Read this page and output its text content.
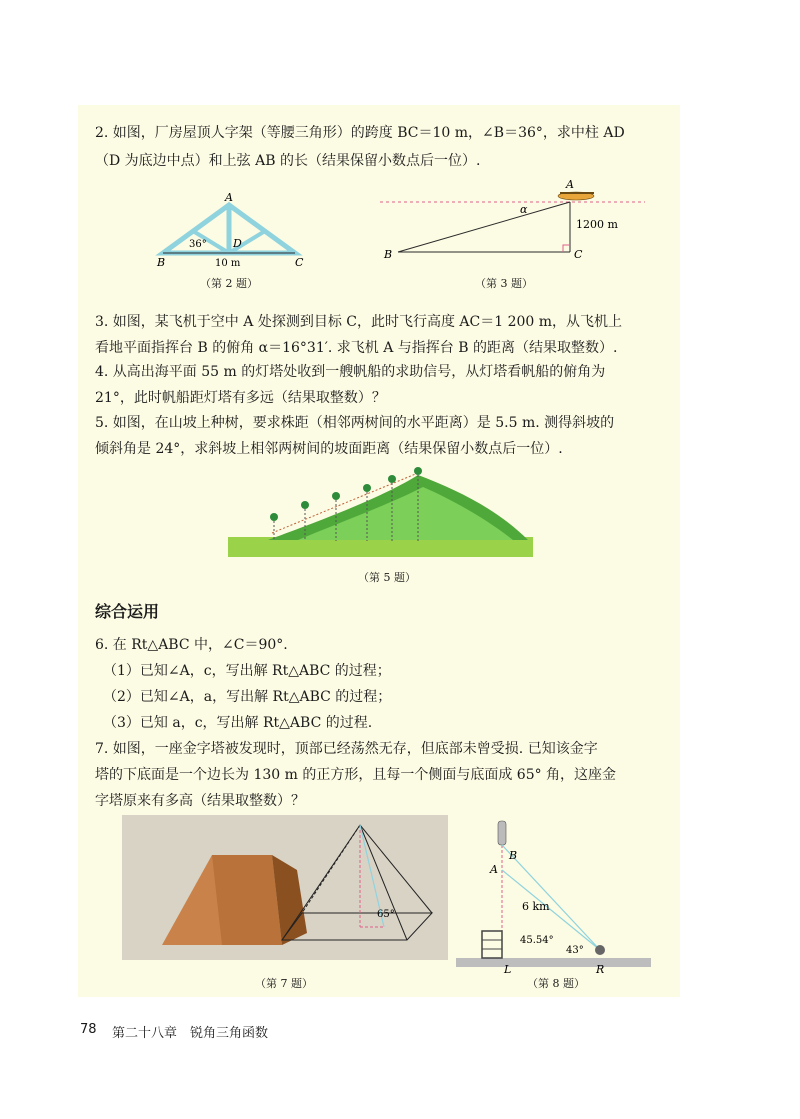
2. 如图，厂房屋顶人字架（等腰三角形）的跨度 BC＝10 m，∠B＝36°，求中柱 AD
（D 为底边中点）和上弦 AB 的长（结果保留小数点后一位）.
A
B	C
D
36°
10 m
（第 2 题）
A
B	C
α
1200 m
（第 3 题）
3. 如图，某飞机于空中 A 处探测到目标 C，此时飞行高度 AC＝1 200 m，从飞机上
看地平面指挥台 B 的俯角 α＝16°31′. 求飞机 A 与指挥台 B 的距离（结果取整数）.
4. 从高出海平面 55 m 的灯塔处收到一艘帆船的求助信号，从灯塔看帆船的俯角为
21°，此时帆船距灯塔有多远（结果取整数）？
5. 如图，在山坡上种树，要求株距（相邻两树间的水平距离）是 5.5 m. 测得斜坡的
倾斜角是 24°，求斜坡上相邻两树间的坡面距离（结果保留小数点后一位）.
（第 5 题）
综合运用
6. 在 Rt△ABC 中，∠C＝90°.
（1）已知∠A，c，写出解 Rt△ABC 的过程；
（2）已知∠A，a，写出解 Rt△ABC 的过程；
（3）已知 a，c，写出解 Rt△ABC 的过程.
7. 如图，一座金字塔被发现时，顶部已经荡然无存，但底部未曾受损. 已知该金字
塔的下底面是一个边长为 130 m 的正方形，且每一个侧面与底面成 65° 角，这座金
字塔原来有多高（结果取整数）？
65°
（第 7 题）
B
A
L	R
6 km
45.54°
43°
（第 8 题）
78 第二十八章　锐角三角函数
